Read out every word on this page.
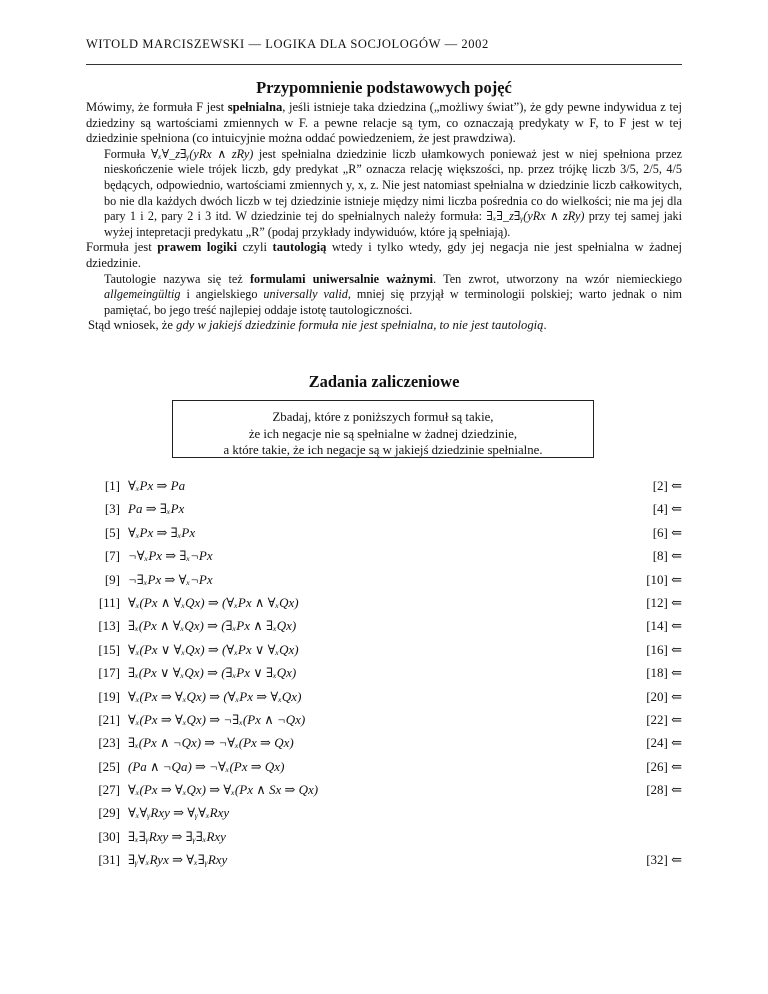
WITOLD MARCISZEWSKI — LOGIKA DLA SOCJOLOGÓW — 2002
Przypomnienie podstawowych pojęć

Mówimy, że formuła F jest spełnialna, jeśli istnieje taka dziedzina („możliwy świat”), że gdy pewne indywidua z tej dziedziny są wartościami zmiennych w F. a pewne relacje są tym, co oznaczają predykaty w F, to F jest w tej dziedzinie spełniona (co intuicyjnie można oddać powiedzeniem, że jest prawdziwa).

Formuła ∀ₓ∀_z∃ᵧ(yRx ∧ zRy) jest spełnialna dziedzinie liczb ułamkowych ponieważ jest w niej spełniona przez nieskończenie wiele trójek liczb, gdy predykat „R” oznacza relację większości, np. przez trójkę liczb 3/5, 2/5, 4/5 będących, odpowiednio, wartościami zmiennych y, x, z. Nie jest natomiast spełnialna w dziedzinie liczb całkowitych, bo nie dla każdych dwóch liczb w tej dziedzinie istnieje między nimi liczba pośrednia co do wielkości; nie ma jej dla pary 1 i 2, pary 2 i 3 itd. W dziedzinie tej do spełnialnych należy formuła: ∃ₓ∃_z∃ᵧ(yRx ∧ zRy) przy tej samej jaki wyżej intepretacji predykatu „R” (podaj przykłady indywiduów, które ją spełniają).

Formuła jest prawem logiki czyli tautologią wtedy i tylko wtedy, gdy jej negacja nie jest spełnialna w żadnej dziedzinie.

Tautologie nazywa się też formulami uniwersalnie ważnymi. Ten zwrot, utworzony na wzór niemieckiego allgemeingültig i angielskiego universally valid, mniej się przyjął w terminologii polskiej; warto jednak o nim pamiętać, bo jego treść najlepiej oddaje istotę tautologiczności.

Stąd wniosek, że gdy w jakiejś dziedzinie formuła nie jest spełnialna, to nie jest tautologią.

Zadania zaliczeniowe
Zbadaj, które z poniższych formuł są takie,
że ich negacje nie są spełnialne w żadnej dziedzinie,
a które takie, że ich negacje są w jakiejś dziedzinie spełnialne.
[1] ∀ₓPx ⇒ Pa	[2] ⇐
[3] Pa ⇒ ∃ₓPx	[4] ⇐
[5] ∀ₓPx ⇒ ∃ₓPx	[6] ⇐
[7] ¬∀ₓPx ⇒ ∃ₓ¬Px	[8] ⇐
[9] ¬∃ₓPx ⇒ ∀ₓ¬Px	[10] ⇐
[11] ∀ₓ(Px ∧ ∀ₓQx) ⇒ (∀ₓPx ∧ ∀ₓQx)	[12] ⇐
[13] ∃ₓ(Px ∧ ∀ₓQx) ⇒ (∃ₓPx ∧ ∃ₓQx)	[14] ⇐
[15] ∀ₓ(Px ∨ ∀ₓQx) ⇒ (∀ₓPx ∨ ∀ₓQx)	[16] ⇐
[17] ∃ₓ(Px ∨ ∀ₓQx) ⇒ (∃ₓPx ∨ ∃ₓQx)	[18] ⇐
[19] ∀ₓ(Px ⇒ ∀ₓQx) ⇒ (∀ₓPx ⇒ ∀ₓQx)	[20] ⇐
[21] ∀ₓ(Px ⇒ ∀ₓQx) ⇒ ¬∃ₓ(Px ∧ ¬Qx)	[22] ⇐
[23] ∃ₓ(Px ∧ ¬Qx) ⇒ ¬∀ₓ(Px ⇒ Qx)	[24] ⇐
[25] (Pa ∧ ¬Qa) ⇒ ¬∀ₓ(Px ⇒ Qx)	[26] ⇐
[27] ∀ₓ(Px ⇒ ∀ₓQx) ⇒ ∀ₓ(Px ∧ Sx ⇒ Qx)	[28] ⇐
[29] ∀ₓ∀ᵧRxy ⇒ ∀ᵧ∀ₓRxy
[30] ∃ₓ∃ᵧRxy ⇒ ∃ᵧ∃ₓRxy
[31] ∃ᵧ∀ₓRyx ⇒ ∀ₓ∃ᵧRxy	[32] ⇐
